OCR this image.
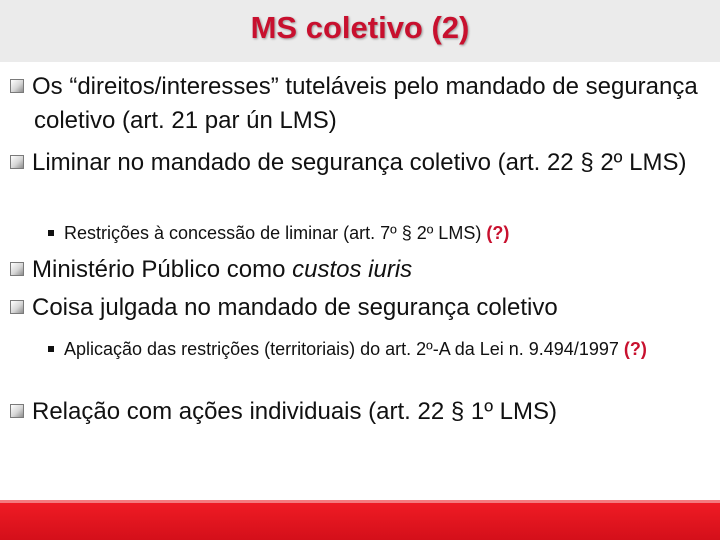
MS coletivo (2)
Os “direitos/interesses” tuteláveis pelo mandado de segurança coletivo (art. 21 par ún LMS)
Liminar no mandado de segurança coletivo (art. 22 § 2º LMS)
Restrições à concessão de liminar (art. 7º § 2º LMS) (?)
Ministério Público como custos iuris
Coisa julgada no mandado de segurança coletivo
Aplicação das restrições (territoriais) do art. 2º-A da Lei n. 9.494/1997 (?)
Relação com ações individuais (art. 22 § 1º LMS)
